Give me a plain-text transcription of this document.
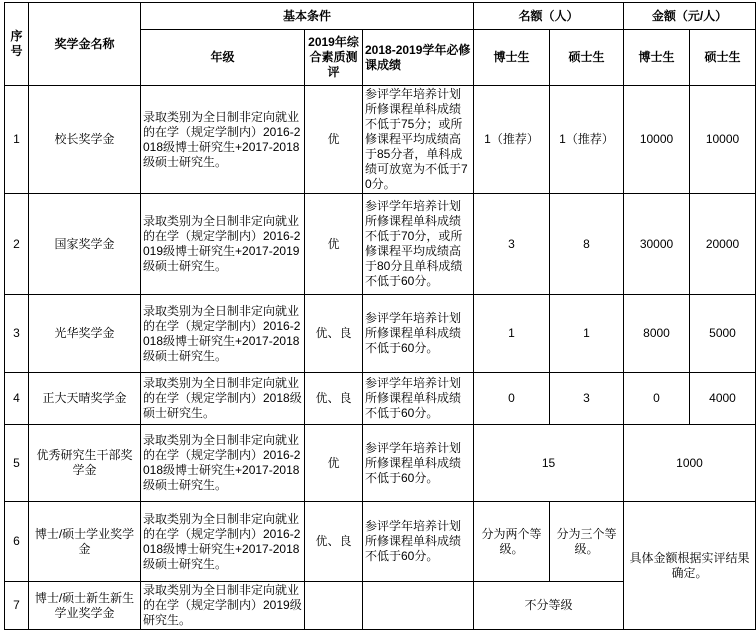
序号	奖学金名称	基本条件			名额（人）		金额（元/人）	
		年级	2019年综合素质测评	2018-2019学年必修课成绩	博士生	硕士生	博士生	硕士生
1	校长奖学金	录取类别为全日制非定向就业的在学（规定学制内）2016-2018级博士研究生+2017-2018级硕士研究生。	优	参评学年培养计划所修课程单科成绩不低于75分；或所修课程平均成绩高于85分者，单科成绩可放宽为不低于70分。	1（推荐）	1（推荐）	10000	10000
2	国家奖学金	录取类别为全日制非定向就业的在学（规定学制内）2016-2019级博士研究生+2017-2019级硕士研究生。	优	参评学年培养计划所修课程单科成绩不低于70分，或所修课程平均成绩高于80分且单科成绩不低于60分。	3	8	30000	20000
3	光华奖学金	录取类别为全日制非定向就业的在学（规定学制内）2016-2018级博士研究生+2017-2018级硕士研究生。	优、良	参评学年培养计划所修课程单科成绩不低于60分。	1	1	8000	5000
4	正大天晴奖学金	录取类别为全日制非定向就业的在学（规定学制内）2018级硕士研究生。	优、良	参评学年培养计划所修课程单科成绩不低于60分。	0	3	0	4000
5	优秀研究生干部奖学金	录取类别为全日制非定向就业的在学（规定学制内）2016-2018级博士研究生+2017-2018级硕士研究生。	优	参评学年培养计划所修课程单科成绩不低于60分。	15		1000	
6	博士/硕士学业奖学金	录取类别为全日制非定向就业的在学（规定学制内）2016-2018级博士研究生+2017-2018级硕士研究生。	优、良	参评学年培养计划所修课程单科成绩不低于60分。	分为两个等级。	分为三个等级。	具体金额根据实评结果确定。	
7	博士/硕士新生新生学业奖学金	录取类别为全日制非定向就业的在学（规定学制内）2019级研究生。			不分等级			
